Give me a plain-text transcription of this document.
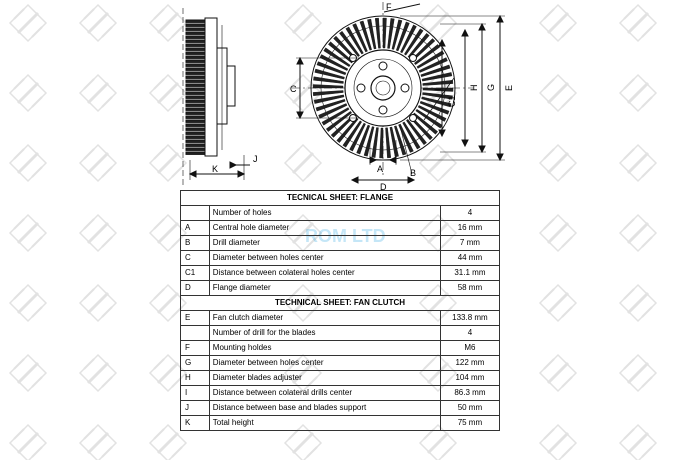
ROM LTD
K
J
C
F
A	B
D
I
C1
H G E
TECNICAL SHEET: FLANGE		
	Number of holes	4
A	Central hole diameter	16 mm
B	Drill diameter	7 mm
C	Diameter between holes center	44 mm
C1	Distance between colateral holes center	31.1 mm
D	Flange diameter	58 mm
TECHNICAL SHEET: FAN CLUTCH		
E	Fan clutch diameter	133.8 mm
	Number of drill for the blades	4
F	Mounting holdes	M6
G	Diameter between holes center	122 mm
H	Diameter blades adjuster	104 mm
I	Distance between colateral drills center	86.3 mm
J	Distance between base and blades support	50 mm
K	Total height	75 mm
